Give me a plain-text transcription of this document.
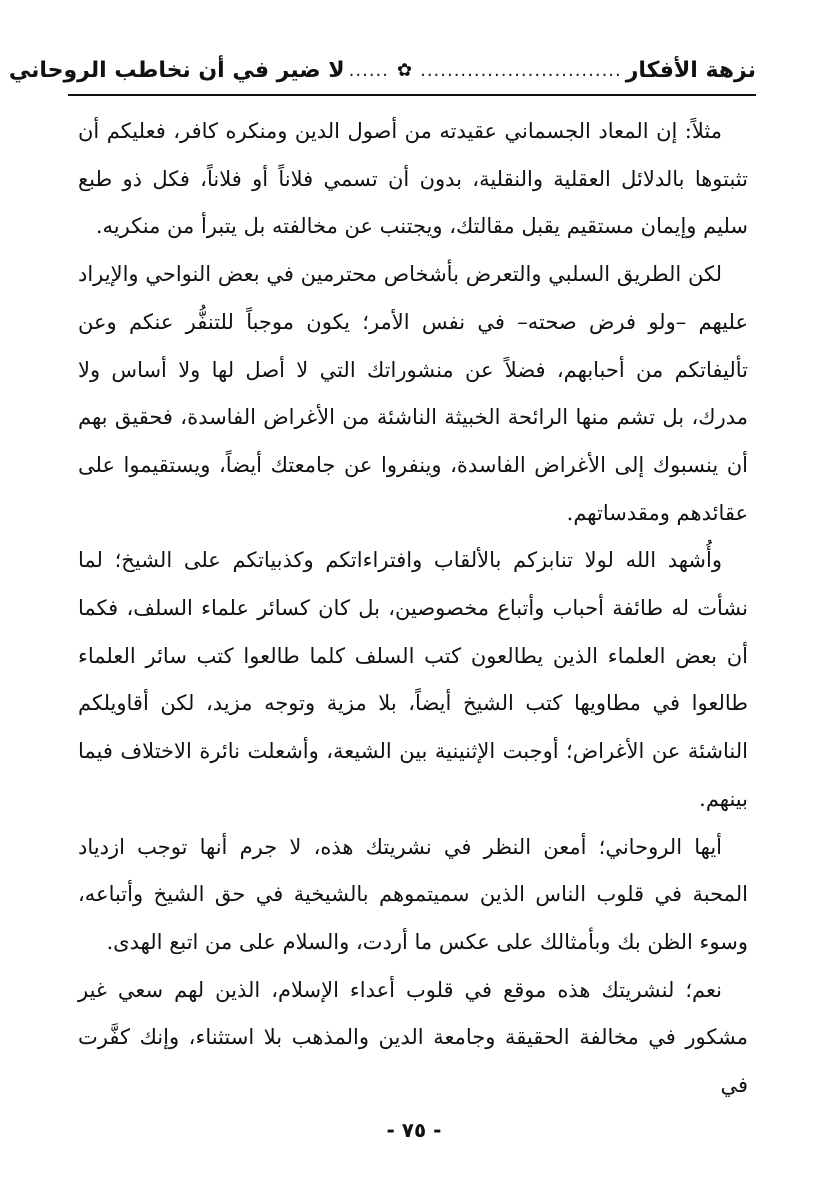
نزهة الأفكار
..............................
✿
......
لا ضير في أن نخاطب الروحاني

مثلاً: إن المعاد الجسماني عقيدته من أصول الدين ومنكره كافر، فعليكم أن تثبتوها بالدلائل العقلية والنقلية، بدون أن تسمي فلاناً أو فلاناً، فكل ذو طبع سليم وإيمان مستقيم يقبل مقالتك، ويجتنب عن مخالفته بل يتبرأ من منكريه.

لكن الطريق السلبي والتعرض بأشخاص محترمين في بعض النواحي والإيراد عليهم –ولو فرض صحته– في نفس الأمر؛ يكون موجباً للتنفُّر عنكم وعن تأليفاتكم من أحبابهم، فضلاً عن منشوراتك التي لا أصل لها ولا أساس ولا مدرك، بل تشم منها الرائحة الخبيثة الناشئة من الأغراض الفاسدة، فحقيق بهم أن ينسبوك إلى الأغراض الفاسدة، وينفروا عن جامعتك أيضاً، ويستقيموا على عقائدهم ومقدساتهم.

وأُشهد الله لولا تنابزكم بالألقاب وافتراءاتكم وكذبياتكم على الشيخ؛ لما نشأت له طائفة أحباب وأتباع مخصوصين، بل كان كسائر علماء السلف، فكما أن بعض العلماء الذين يطالعون كتب السلف كلما طالعوا كتب سائر العلماء طالعوا في مطاويها كتب الشيخ أيضاً، بلا مزية وتوجه مزيد، لكن أقاويلكم الناشئة عن الأغراض؛ أوجبت الإثنينية بين الشيعة، وأشعلت نائرة الاختلاف فيما بينهم.

أيها الروحاني؛ أمعن النظر في نشريتك هذه، لا جرم أنها توجب ازدياد المحبة في قلوب الناس الذين سميتموهم بالشيخية في حق الشيخ وأتباعه، وسوء الظن بك وبأمثالك على عكس ما أردت، والسلام على من اتبع الهدى.

نعم؛ لنشريتك هذه موقع في قلوب أعداء الإسلام، الذين لهم سعي غير مشكور في مخالفة الحقيقة وجامعة الدين والمذهب بلا استثناء، وإنك كفَّرت في

- ٧٥ -
